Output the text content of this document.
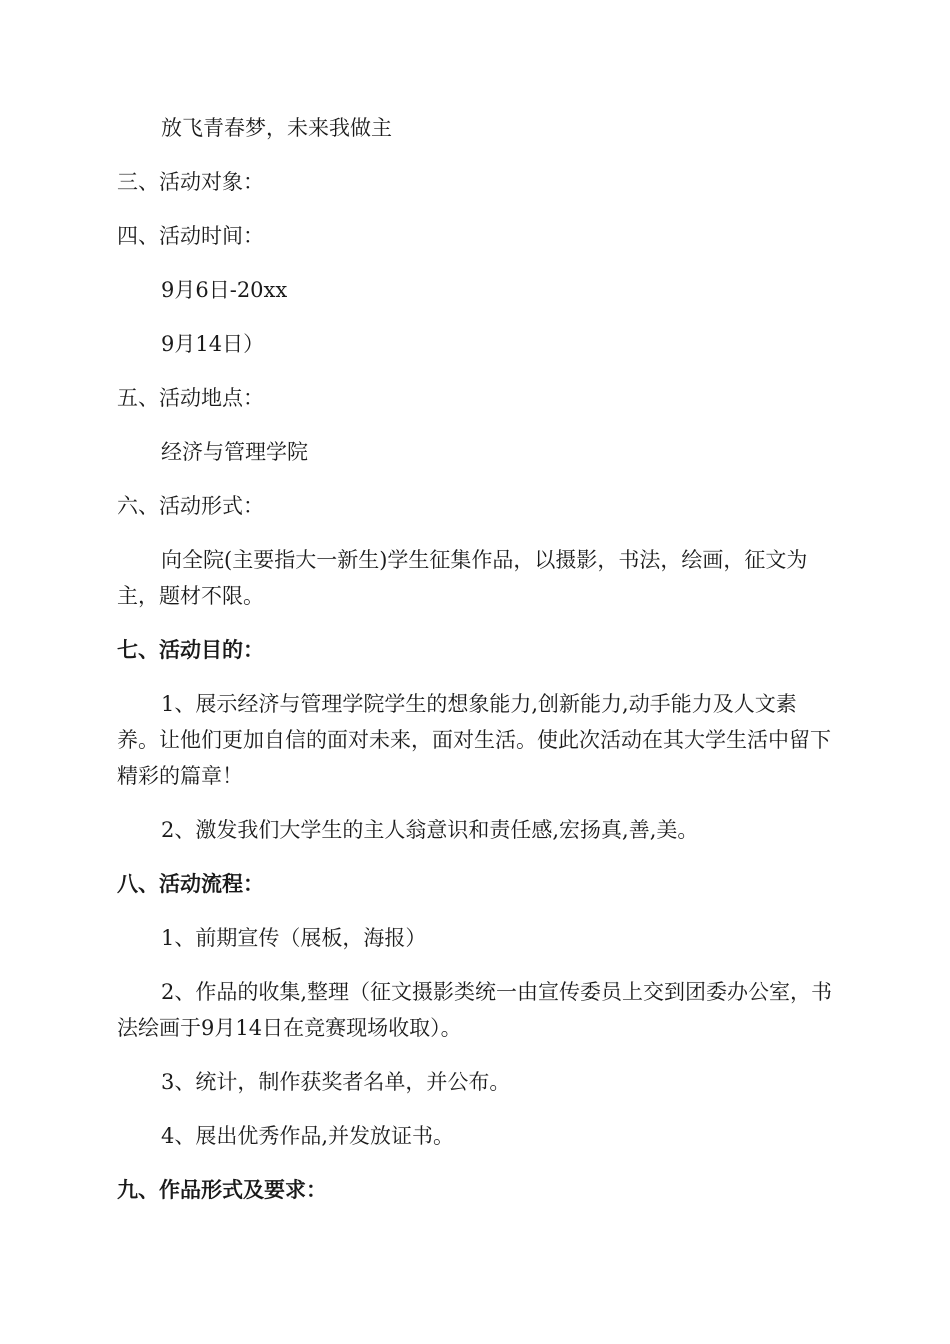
放飞青春梦，未来我做主

三、活动对象：

四、活动时间：

9月6日-20xx

9月14日）

五、活动地点：

经济与管理学院

六、活动形式：

向全院(主要指大一新生)学生征集作品，以摄影，书法，绘画，征文为主，题材不限。

七、活动目的：

1、展示经济与管理学院学生的想象能力,创新能力,动手能力及人文素养。让他们更加自信的面对未来，面对生活。使此次活动在其大学生活中留下精彩的篇章！

2、激发我们大学生的主人翁意识和责任感,宏扬真,善,美。

八、活动流程：

1、前期宣传（展板，海报）

2、作品的收集,整理（征文摄影类统一由宣传委员上交到团委办公室，书法绘画于9月14日在竞赛现场收取）。

3、统计，制作获奖者名单，并公布。

4、展出优秀作品,并发放证书。

九、作品形式及要求：
